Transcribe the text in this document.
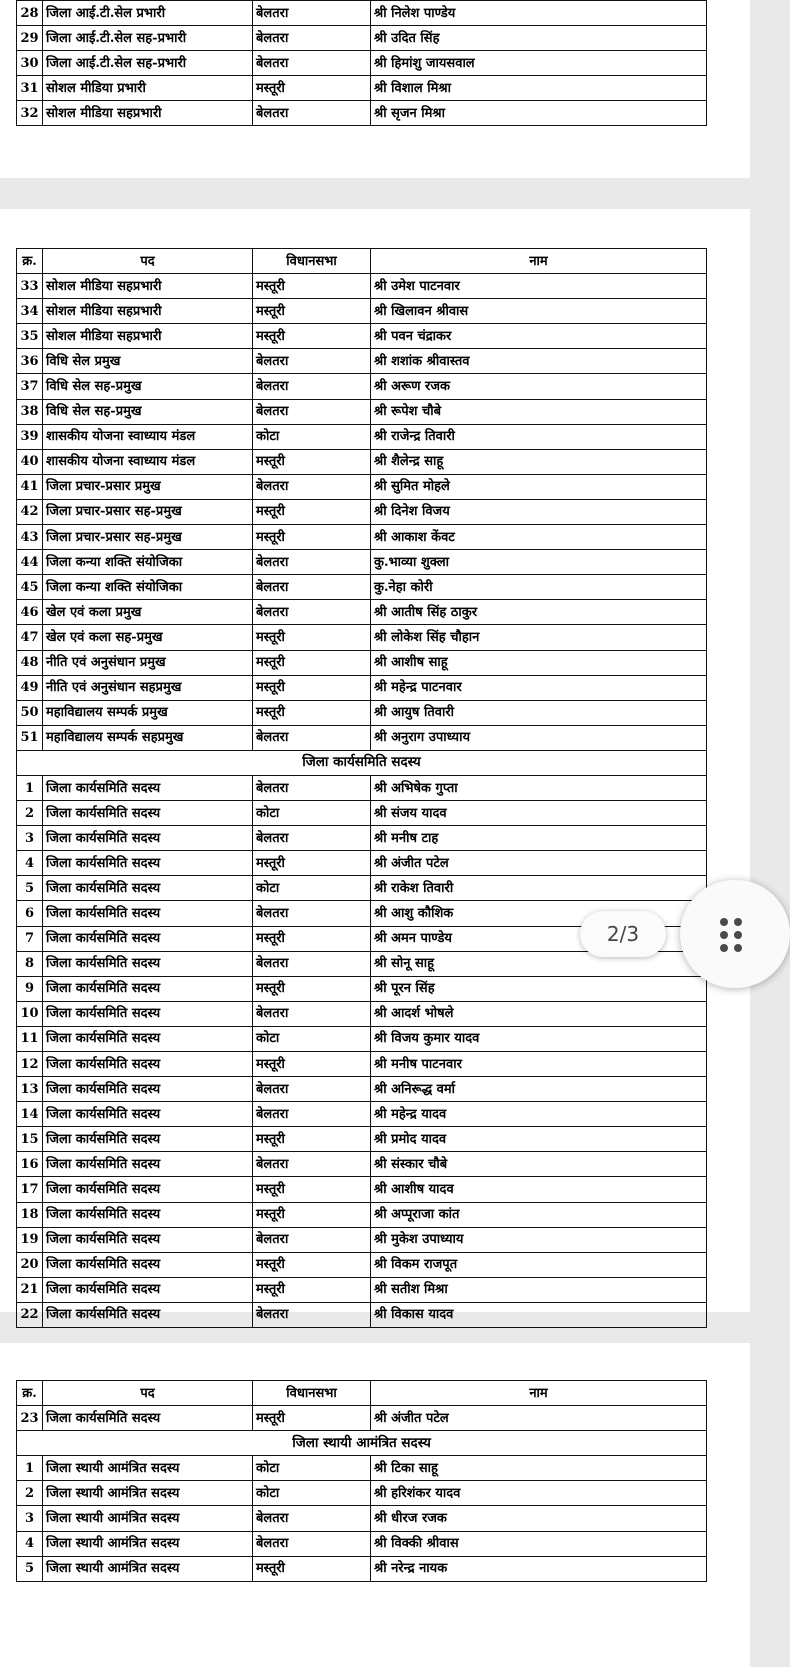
28	जिला आई.टी.सेल प्रभारी	बेलतरा	श्री निलेश पाण्डेय
29	जिला आई.टी.सेल सह-प्रभारी	बेलतरा	श्री उदित सिंह
30	जिला आई.टी.सेल सह-प्रभारी	बेलतरा	श्री हिमांशु जायसवाल
31	सोशल मीडिया प्रभारी	मस्तूरी	श्री विशाल मिश्रा
32	सोशल मीडिया सहप्रभारी	बेलतरा	श्री सृजन मिश्रा
क्र.	पद	विधानसभा	नाम
33	सोशल मीडिया सहप्रभारी	मस्तूरी	श्री उमेश पाटनवार
34	सोशल मीडिया सहप्रभारी	मस्तूरी	श्री खिलावन श्रीवास
35	सोशल मीडिया सहप्रभारी	मस्तूरी	श्री पवन चंद्राकर
36	विधि सेल प्रमुख	बेलतरा	श्री शशांक श्रीवास्तव
37	विधि सेल सह-प्रमुख	बेलतरा	श्री अरूण रजक
38	विधि सेल सह-प्रमुख	बेलतरा	श्री रूपेश चौबे
39	शासकीय योजना स्वाध्याय मंडल	कोटा	श्री राजेन्द्र तिवारी
40	शासकीय योजना स्वाध्याय मंडल	मस्तूरी	श्री शैलेन्द्र साहू
41	जिला प्रचार-प्रसार प्रमुख	बेलतरा	श्री सुमित मोहले
42	जिला प्रचार-प्रसार सह-प्रमुख	मस्तूरी	श्री दिनेश विजय
43	जिला प्रचार-प्रसार सह-प्रमुख	मस्तूरी	श्री आकाश केंवट
44	जिला कन्या शक्ति संयोजिका	बेलतरा	कु.भाव्या शुक्ला
45	जिला कन्या शक्ति संयोजिका	बेलतरा	कु.नेहा कोरी
46	खेल एवं कला प्रमुख	बेलतरा	श्री आतीष सिंह ठाकुर
47	खेल एवं कला सह-प्रमुख	मस्तूरी	श्री लोकेश सिंह चौहान
48	नीति एवं अनुसंधान प्रमुख	मस्तूरी	श्री आशीष साहू
49	नीति एवं अनुसंधान सहप्रमुख	मस्तूरी	श्री महेन्द्र पाटनवार
50	महाविद्यालय सम्पर्क प्रमुख	मस्तूरी	श्री आयुष तिवारी
51	महाविद्यालय सम्पर्क सहप्रमुख	बेलतरा	श्री अनुराग उपाध्याय
जिला कार्यसमिति सदस्य			
1	जिला कार्यसमिति सदस्य	बेलतरा	श्री अभिषेक गुप्ता
2	जिला कार्यसमिति सदस्य	कोटा	श्री संजय यादव
3	जिला कार्यसमिति सदस्य	बेलतरा	श्री मनीष टाह
4	जिला कार्यसमिति सदस्य	मस्तूरी	श्री अंजीत पटेल
5	जिला कार्यसमिति सदस्य	कोटा	श्री राकेश तिवारी
6	जिला कार्यसमिति सदस्य	बेलतरा	श्री आशु कौशिक
7	जिला कार्यसमिति सदस्य	मस्तूरी	श्री अमन पाण्डेय
8	जिला कार्यसमिति सदस्य	बेलतरा	श्री सोनू साहू
9	जिला कार्यसमिति सदस्य	मस्तूरी	श्री पूरन सिंह
10	जिला कार्यसमिति सदस्य	बेलतरा	श्री आदर्श भोषले
11	जिला कार्यसमिति सदस्य	कोटा	श्री विजय कुमार यादव
12	जिला कार्यसमिति सदस्य	मस्तूरी	श्री मनीष पाटनवार
13	जिला कार्यसमिति सदस्य	बेलतरा	श्री अनिरूद्ध वर्मा
14	जिला कार्यसमिति सदस्य	बेलतरा	श्री महेन्द्र यादव
15	जिला कार्यसमिति सदस्य	मस्तूरी	श्री प्रमोद यादव
16	जिला कार्यसमिति सदस्य	बेलतरा	श्री संस्कार चौबे
17	जिला कार्यसमिति सदस्य	मस्तूरी	श्री आशीष यादव
18	जिला कार्यसमिति सदस्य	मस्तूरी	श्री अप्पूराजा कांत
19	जिला कार्यसमिति सदस्य	बेलतरा	श्री मुकेश उपाध्याय
20	जिला कार्यसमिति सदस्य	मस्तूरी	श्री विकम राजपूत
21	जिला कार्यसमिति सदस्य	मस्तूरी	श्री सतीश मिश्रा
22	जिला कार्यसमिति सदस्य	बेलतरा	श्री विकास यादव
क्र.	पद	विधानसभा	नाम
23	जिला कार्यसमिति सदस्य	मस्तूरी	श्री अंजीत पटेल
जिला स्थायी आमंत्रित सदस्य			
1	जिला स्थायी आमंत्रित सदस्य	कोटा	श्री टिका साहू
2	जिला स्थायी आमंत्रित सदस्य	कोटा	श्री हरिशंकर यादव
3	जिला स्थायी आमंत्रित सदस्य	बेलतरा	श्री धीरज रजक
4	जिला स्थायी आमंत्रित सदस्य	बेलतरा	श्री विक्की श्रीवास
5	जिला स्थायी आमंत्रित सदस्य	मस्तूरी	श्री नरेन्द्र नायक
2/3
